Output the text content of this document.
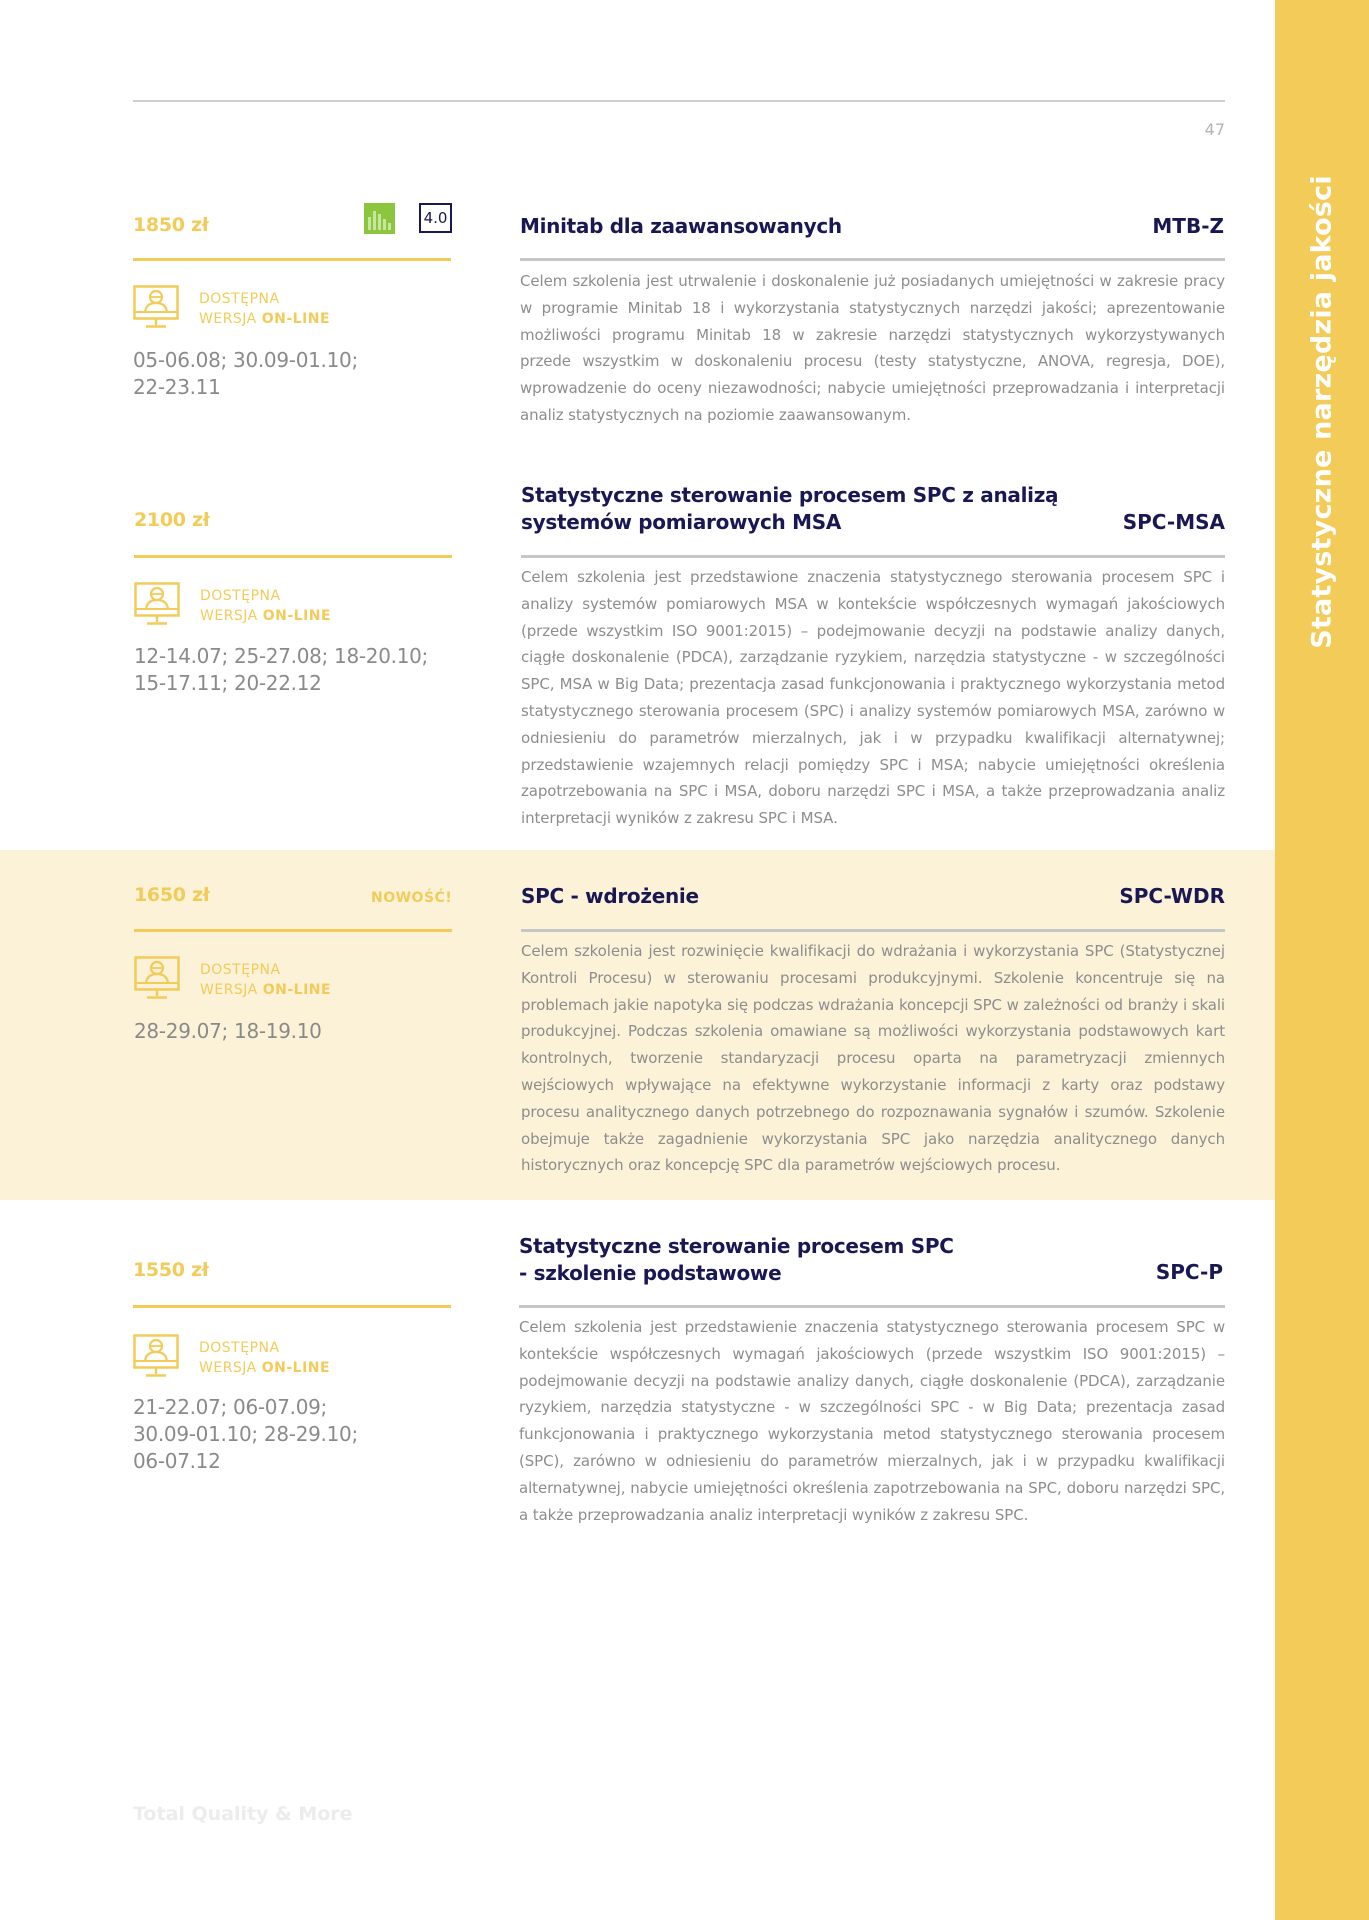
Statystyczne narzędzia jakości
47
1850 zł	4.0
DOSTĘPNA
WERSJA ON-LINE
05-06.08; 30.09-01.10;
22-23.11
Minitab dla zaawansowanych	MTB-Z
Celem szkolenia jest utrwalenie i doskonalenie już posiadanych umiejętności w zakresie pracy w programie Minitab 18 i wykorzystania statystycznych narzędzi jakości; aprezentowanie możliwości programu Minitab 18 w zakresie narzędzi statystycznych wykorzystywanych przede wszystkim w doskonaleniu procesu (testy statystyczne, ANOVA, regresja, DOE), wprowadzenie do oceny niezawodności; nabycie umiejętności przeprowadzania i interpretacji analiz statystycznych na poziomie zaawansowanym.
2100 zł
DOSTĘPNA
WERSJA ON-LINE
12-14.07; 25-27.08; 18-20.10;
15-17.11; 20-22.12
Statystyczne sterowanie procesem SPC z analizą
systemów pomiarowych MSA	SPC-MSA
Celem szkolenia jest przedstawione znaczenia statystycznego sterowania procesem SPC i analizy systemów pomiarowych MSA w kontekście współczesnych wymagań jakościowych (przede wszystkim ISO 9001:2015) – podejmowanie decyzji na podstawie analizy danych, ciągłe doskonalenie (PDCA), zarządzanie ryzykiem, narzędzia statystyczne - w szczególności SPC, MSA w Big Data; prezentacja zasad funkcjonowania i praktycznego wykorzystania metod statystycznego sterowania procesem (SPC) i analizy systemów pomiarowych MSA, zarówno w odniesieniu do parametrów mierzalnych, jak i w przypadku kwalifikacji alternatywnej; przedstawienie wzajemnych relacji pomiędzy SPC i MSA; nabycie umiejętności określenia zapotrzebowania na SPC i MSA, doboru narzędzi SPC i MSA, a także przeprowadzania analiz interpretacji wyników z zakresu SPC i MSA.
1650 zł	NOWOŚĆ!
DOSTĘPNA
WERSJA ON-LINE
28-29.07; 18-19.10
SPC - wdrożenie	SPC-WDR
Celem szkolenia jest rozwinięcie kwalifikacji do wdrażania i wykorzystania SPC (Statystycznej Kontroli Procesu) w sterowaniu procesami produkcyjnymi. Szkolenie koncentruje się na problemach jakie napotyka się podczas wdrażania koncepcji SPC w zależności od branży i skali produkcyjnej. Podczas szkolenia omawiane są możliwości wykorzystania podstawowych kart kontrolnych, tworzenie standaryzacji procesu oparta na parametryzacji zmiennych wejściowych wpływające na efektywne wykorzystanie informacji z karty oraz podstawy procesu analitycznego danych potrzebnego do rozpoznawania sygnałów i szumów. Szkolenie obejmuje także zagadnienie wykorzystania SPC jako narzędzia analitycznego danych historycznych oraz koncepcję SPC dla parametrów wejściowych procesu.
1550 zł
DOSTĘPNA
WERSJA ON-LINE
21-22.07; 06-07.09;
30.09-01.10; 28-29.10;
06-07.12
Statystyczne sterowanie procesem SPC
- szkolenie podstawowe	SPC-P
Celem szkolenia jest przedstawienie znaczenia statystycznego sterowania procesem SPC w kontekście współczesnych wymagań jakościowych (przede wszystkim ISO 9001:2015) – podejmowanie decyzji na podstawie analizy danych, ciągłe doskonalenie (PDCA), zarządzanie ryzykiem, narzędzia statystyczne - w szczególności SPC - w Big Data; prezentacja zasad funkcjonowania i praktycznego wykorzystania metod statystycznego sterowania procesem (SPC), zarówno w odniesieniu do parametrów mierzalnych, jak i w przypadku kwalifikacji alternatywnej, nabycie umiejętności określenia zapotrzebowania na SPC, doboru narzędzi SPC, a także przeprowadzania analiz interpretacji wyników z zakresu SPC.
Total Quality & More
